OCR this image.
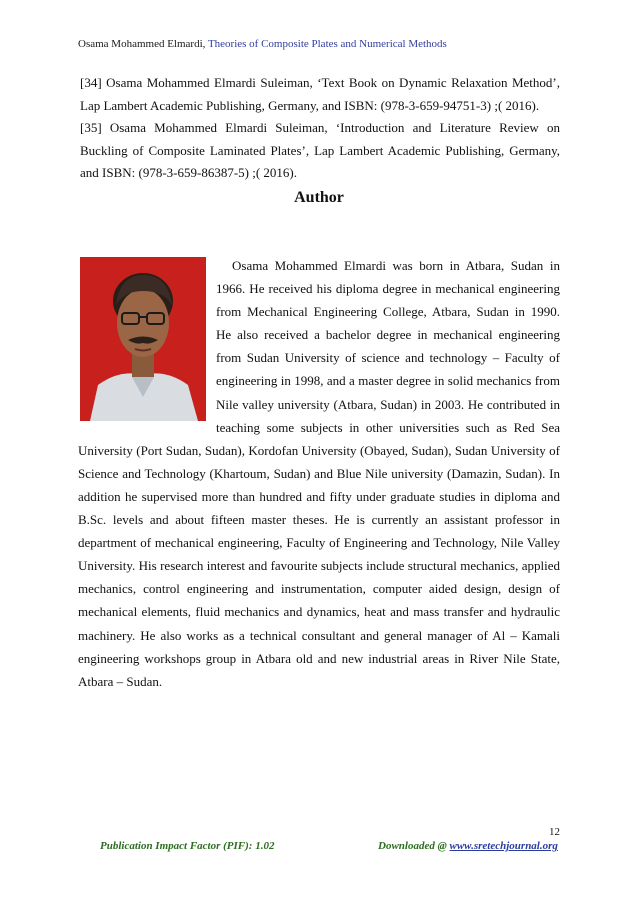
Osama Mohammed Elmardi, Theories of Composite Plates and Numerical Methods

[34] Osama Mohammed Elmardi Suleiman, ‘Text Book on Dynamic Relaxation Method’, Lap Lambert Academic Publishing, Germany, and ISBN: (978-3-659-94751-3) ;( 2016).

[35] Osama Mohammed Elmardi Suleiman, ‘Introduction and Literature Review on Buckling of Composite Laminated Plates’, Lap Lambert Academic Publishing, Germany, and ISBN: (978-3-659-86387-5) ;( 2016).

Author

Osama Mohammed Elmardi was born in Atbara, Sudan in 1966. He received his diploma degree in mechanical engineering from Mechanical Engineering College, Atbara, Sudan in 1990. He also received a bachelor degree in mechanical engineering from Sudan University of science and technology – Faculty of engineering in 1998, and a master degree in solid mechanics from Nile valley university (Atbara, Sudan) in 2003. He contributed in teaching some subjects in other universities such as Red Sea University (Port Sudan, Sudan), Kordofan University (Obayed, Sudan), Sudan University of Science and Technology (Khartoum, Sudan) and Blue Nile university (Damazin, Sudan). In addition he supervised more than hundred and fifty under graduate studies in diploma and B.Sc. levels and about fifteen master theses. He is currently an assistant professor in department of mechanical engineering, Faculty of Engineering and Technology, Nile Valley University. His research interest and favourite subjects include structural mechanics, applied mechanics, control engineering and instrumentation, computer aided design, design of mechanical elements, fluid mechanics and dynamics, heat and mass transfer and hydraulic machinery. He also works as a technical consultant and general manager of Al – Kamali engineering workshops group in Atbara old and new industrial areas in River Nile State, Atbara – Sudan.

12
Publication Impact Factor (PIF): 1.02	Downloaded @ www.sretechjournal.org
